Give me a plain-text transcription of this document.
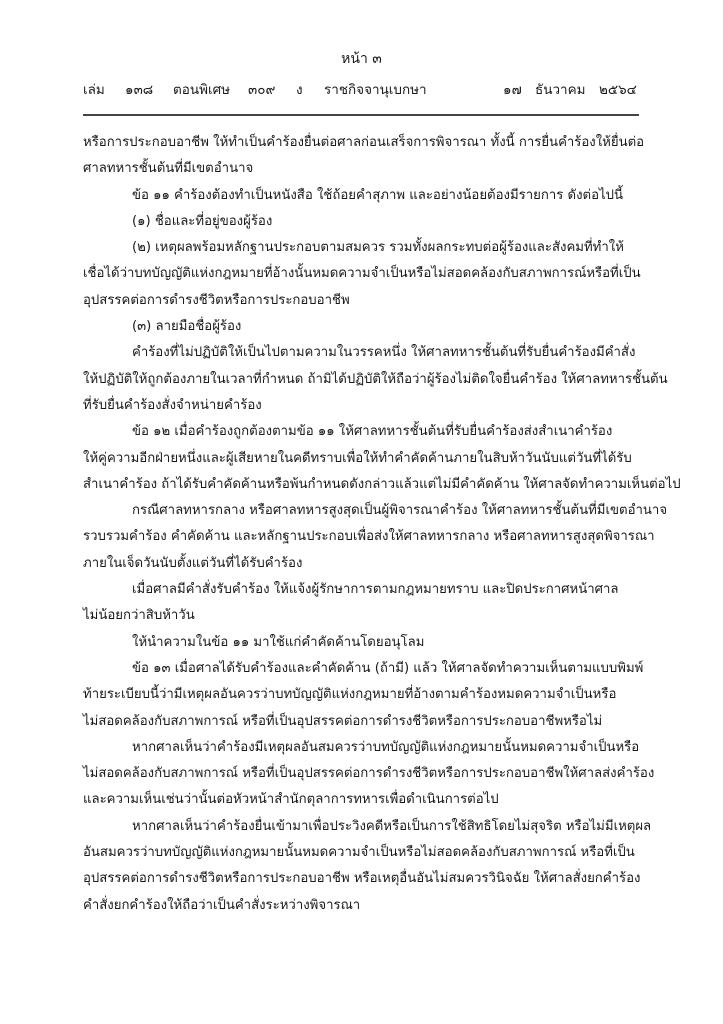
หน้า ๓
เล่ม ๑๓๘ ตอนพิเศษ ๓๐๙ ง ราชกิจจานุเบกษา	๑๗ ธันวาคม ๒๕๖๔
หรือการประกอบอาชีพ ให้ทำเป็นคำร้องยื่นต่อศาลก่อนเสร็จการพิจารณา ทั้งนี้ การยื่นคำร้องให้ยื่นต่อ
ศาลทหารชั้นต้นที่มีเขตอำนาจ
ข้อ ๑๑ คำร้องต้องทำเป็นหนังสือ ใช้ถ้อยคำสุภาพ และอย่างน้อยต้องมีรายการ ดังต่อไปนี้
(๑) ชื่อและที่อยู่ของผู้ร้อง
(๒) เหตุผลพร้อมหลักฐานประกอบตามสมควร รวมทั้งผลกระทบต่อผู้ร้องและสังคมที่ทำให้
เชื่อได้ว่าบทบัญญัติแห่งกฎหมายที่อ้างนั้นหมดความจำเป็นหรือไม่สอดคล้องกับสภาพการณ์หรือที่เป็น
อุปสรรคต่อการดำรงชีวิตหรือการประกอบอาชีพ
(๓) ลายมือชื่อผู้ร้อง
คำร้องที่ไม่ปฏิบัติให้เป็นไปตามความในวรรคหนึ่ง ให้ศาลทหารชั้นต้นที่รับยื่นคำร้องมีคำสั่ง
ให้ปฏิบัติให้ถูกต้องภายในเวลาที่กำหนด ถ้ามิได้ปฏิบัติให้ถือว่าผู้ร้องไม่ติดใจยื่นคำร้อง ให้ศาลทหารชั้นต้น
ที่รับยื่นคำร้องสั่งจำหน่ายคำร้อง
ข้อ ๑๒ เมื่อคำร้องถูกต้องตามข้อ ๑๑ ให้ศาลทหารชั้นต้นที่รับยื่นคำร้องส่งสำเนาคำร้อง
ให้คู่ความอีกฝ่ายหนึ่งและผู้เสียหายในคดีทราบเพื่อให้ทำคำคัดค้านภายในสิบห้าวันนับแต่วันที่ได้รับ
สำเนาคำร้อง ถ้าได้รับคำคัดค้านหรือพ้นกำหนดดังกล่าวแล้วแต่ไม่มีคำคัดค้าน ให้ศาลจัดทำความเห็นต่อไป
กรณีศาลทหารกลาง หรือศาลทหารสูงสุดเป็นผู้พิจารณาคำร้อง ให้ศาลทหารชั้นต้นที่มีเขตอำนาจ
รวบรวมคำร้อง คำคัดค้าน และหลักฐานประกอบเพื่อส่งให้ศาลทหารกลาง หรือศาลทหารสูงสุดพิจารณา
ภายในเจ็ดวันนับตั้งแต่วันที่ได้รับคำร้อง
เมื่อศาลมีคำสั่งรับคำร้อง ให้แจ้งผู้รักษาการตามกฎหมายทราบ และปิดประกาศหน้าศาล
ไม่น้อยกว่าสิบห้าวัน
ให้นำความในข้อ ๑๑ มาใช้แก่คำคัดค้านโดยอนุโลม
ข้อ ๑๓ เมื่อศาลได้รับคำร้องและคำคัดค้าน (ถ้ามี) แล้ว ให้ศาลจัดทำความเห็นตามแบบพิมพ์
ท้ายระเบียบนี้ว่ามีเหตุผลอันควรว่าบทบัญญัติแห่งกฎหมายที่อ้างตามคำร้องหมดความจำเป็นหรือ
ไม่สอดคล้องกับสภาพการณ์ หรือที่เป็นอุปสรรคต่อการดำรงชีวิตหรือการประกอบอาชีพหรือไม่
หากศาลเห็นว่าคำร้องมีเหตุผลอันสมควรว่าบทบัญญัติแห่งกฎหมายนั้นหมดความจำเป็นหรือ
ไม่สอดคล้องกับสภาพการณ์ หรือที่เป็นอุปสรรคต่อการดำรงชีวิตหรือการประกอบอาชีพให้ศาลส่งคำร้อง
และความเห็นเช่นว่านั้นต่อหัวหน้าสำนักตุลาการทหารเพื่อดำเนินการต่อไป
หากศาลเห็นว่าคำร้องยื่นเข้ามาเพื่อประวิงคดีหรือเป็นการใช้สิทธิโดยไม่สุจริต หรือไม่มีเหตุผล
อันสมควรว่าบทบัญญัติแห่งกฎหมายนั้นหมดความจำเป็นหรือไม่สอดคล้องกับสภาพการณ์ หรือที่เป็น
อุปสรรคต่อการดำรงชีวิตหรือการประกอบอาชีพ หรือเหตุอื่นอันไม่สมควรวินิจฉัย ให้ศาลสั่งยกคำร้อง
คำสั่งยกคำร้องให้ถือว่าเป็นคำสั่งระหว่างพิจารณา
